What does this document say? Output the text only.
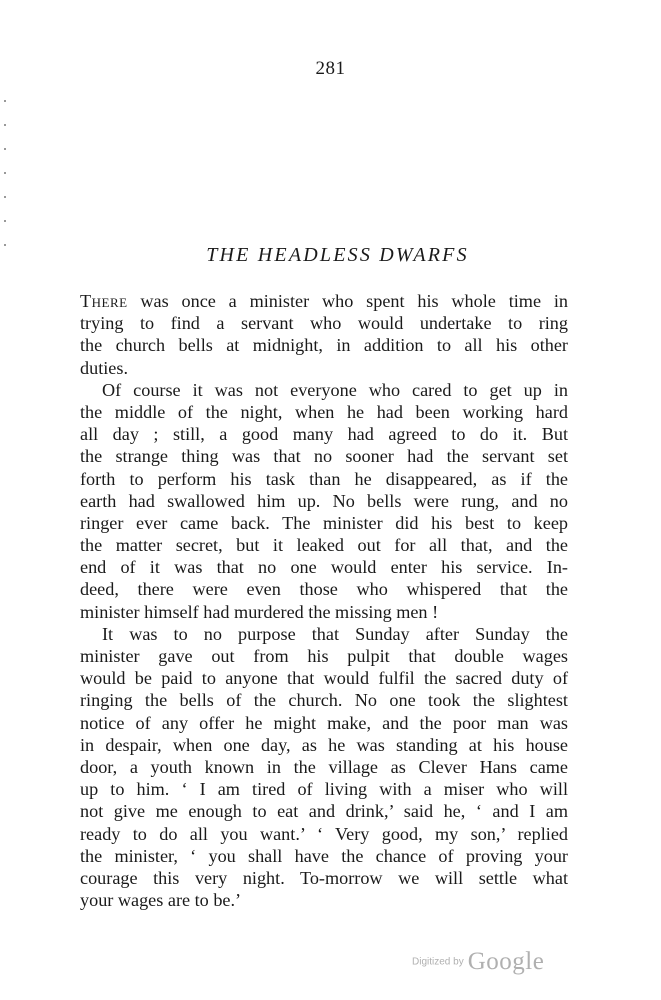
281
THE HEADLESS DWARFS
There was once a minister who spent his whole time in
trying to find a servant who would undertake to ring
the church bells at midnight, in addition to all his other
duties.
Of course it was not everyone who cared to get up in
the middle of the night, when he had been working hard
all day ; still, a good many had agreed to do it. But
the strange thing was that no sooner had the servant set
forth to perform his task than he disappeared, as if the
earth had swallowed him up. No bells were rung, and no
ringer ever came back. The minister did his best to keep
the matter secret, but it leaked out for all that, and the
end of it was that no one would enter his service. In-
deed, there were even those who whispered that the
minister himself had murdered the missing men !
It was to no purpose that Sunday after Sunday the
minister gave out from his pulpit that double wages
would be paid to anyone that would fulfil the sacred duty of
ringing the bells of the church. No one took the slightest
notice of any offer he might make, and the poor man was
in despair, when one day, as he was standing at his house
door, a youth known in the village as Clever Hans came
up to him. ‘ I am tired of living with a miser who will
not give me enough to eat and drink,’ said he, ‘ and I am
ready to do all you want.’ ‘ Very good, my son,’ replied
the minister, ‘ you shall have the chance of proving your
courage this very night. To-morrow we will settle what
your wages are to be.’
Digitized by Google
